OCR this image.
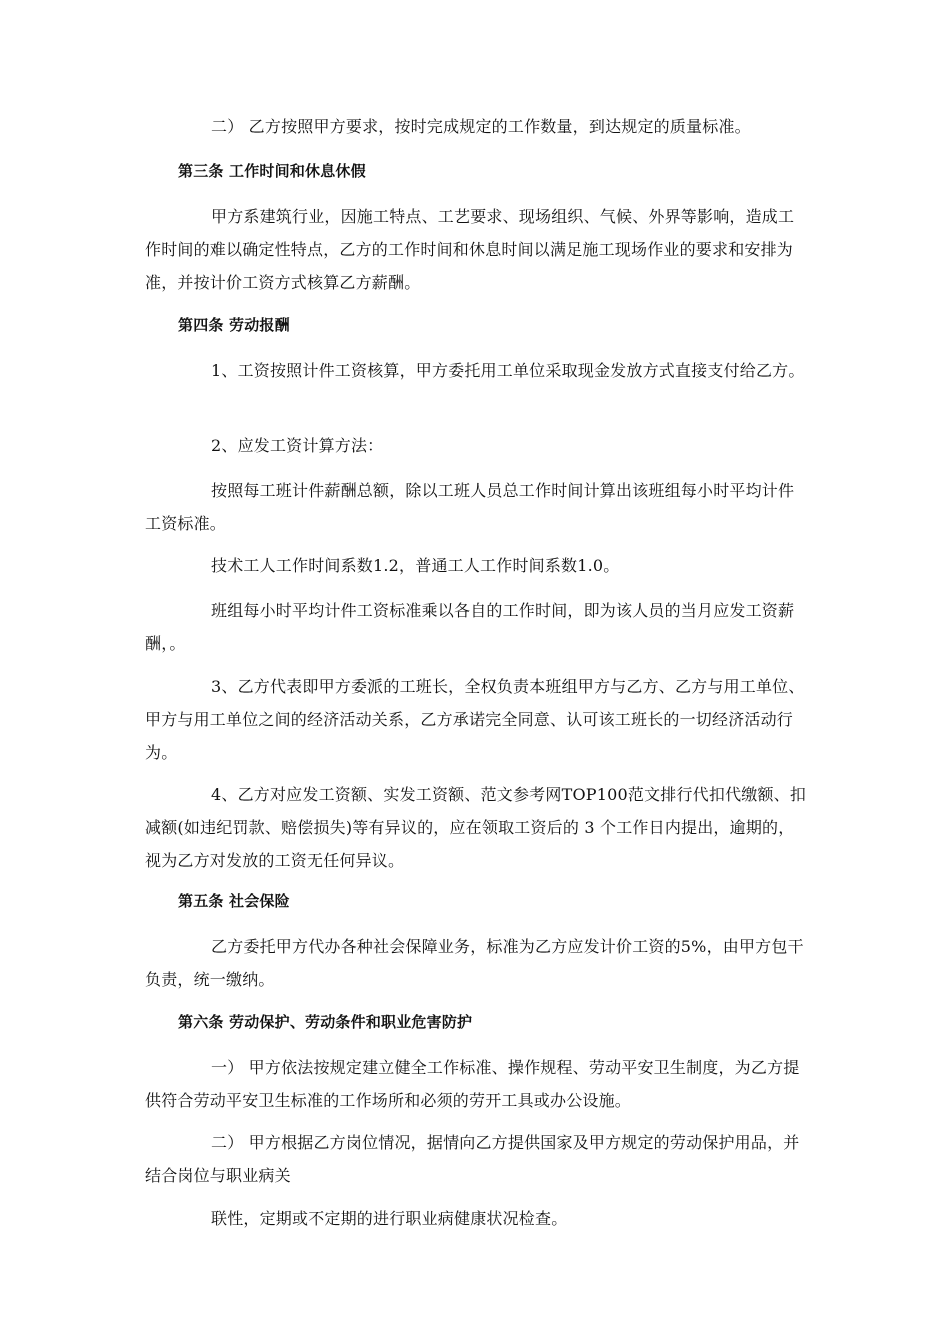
二） 乙方按照甲方要求，按时完成规定的工作数量，到达规定的质量标准。
第三条 工作时间和休息休假
甲方系建筑行业，因施工特点、工艺要求、现场组织、气候、外界等影响，造成工作时间的难以确定性特点，乙方的工作时间和休息时间以满足施工现场作业的要求和安排为准，并按计价工资方式核算乙方薪酬。
第四条 劳动报酬
1、工资按照计件工资核算，甲方委托用工单位采取现金发放方式直接支付给乙方。
2、应发工资计算方法：
按照每工班计件薪酬总额，除以工班人员总工作时间计算出该班组每小时平均计件工资标准。
技术工人工作时间系数1.2，普通工人工作时间系数1.0。
班组每小时平均计件工资标准乘以各自的工作时间，即为该人员的当月应发工资薪酬，。
3、乙方代表即甲方委派的工班长，全权负责本班组甲方与乙方、乙方与用工单位、甲方与用工单位之间的经济活动关系，乙方承诺完全同意、认可该工班长的一切经济活动行为。
4、乙方对应发工资额、实发工资额、范文参考网TOP100范文排行代扣代缴额、扣减额(如违纪罚款、赔偿损失)等有异议的，应在领取工资后的 3 个工作日内提出，逾期的，视为乙方对发放的工资无任何异议。
第五条 社会保险
乙方委托甲方代办各种社会保障业务，标准为乙方应发计价工资的5%，由甲方包干负责，统一缴纳。
第六条 劳动保护、劳动条件和职业危害防护
一） 甲方依法按规定建立健全工作标准、操作规程、劳动平安卫生制度，为乙方提供符合劳动平安卫生标准的工作场所和必须的劳开工具或办公设施。
二） 甲方根据乙方岗位情况，据情向乙方提供国家及甲方规定的劳动保护用品，并结合岗位与职业病关
联性，定期或不定期的进行职业病健康状况检查。
